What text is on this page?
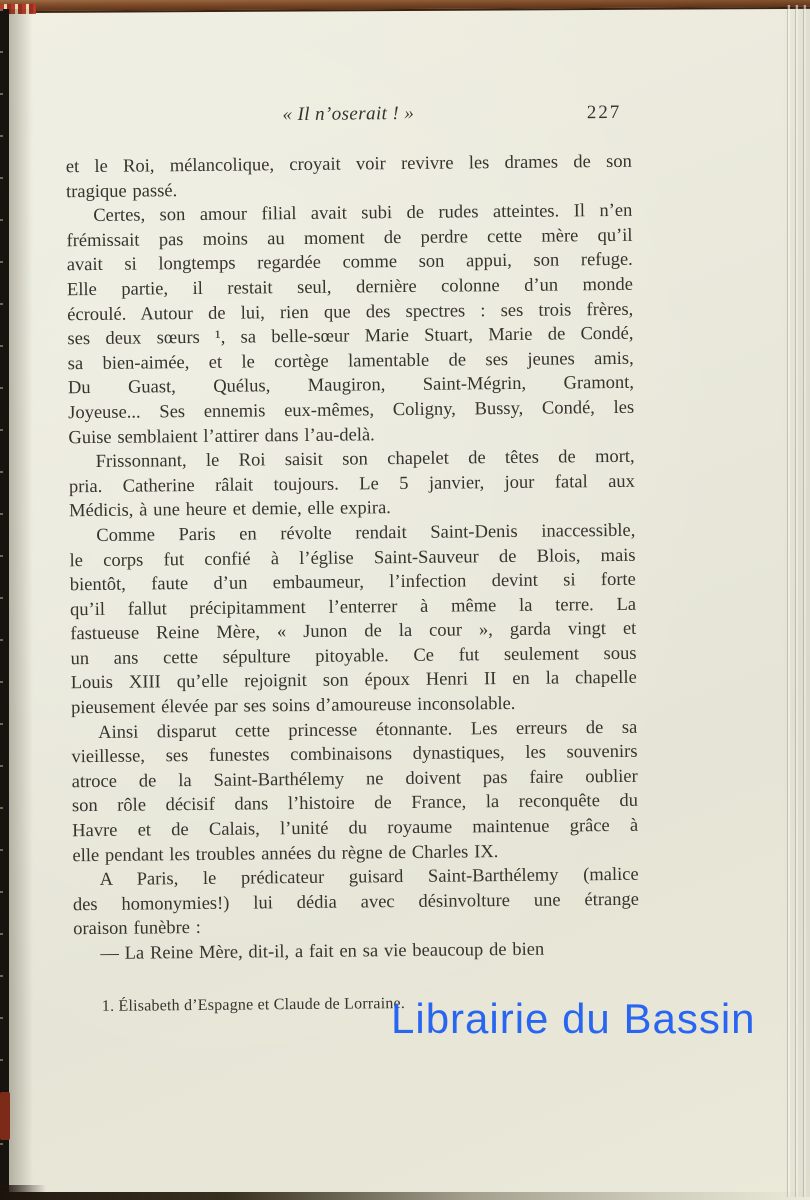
« Il n’oserait ! »	227
et le Roi, mélancolique, croyait voir revivre les drames de son
tragique passé.
Certes, son amour filial avait subi de rudes atteintes. Il n’en
frémissait pas moins au moment de perdre cette mère qu’il
avait si longtemps regardée comme son appui, son refuge.
Elle partie, il restait seul, dernière colonne d’un monde
écroulé. Autour de lui, rien que des spectres : ses trois frères,
ses deux sœurs ¹, sa belle-sœur Marie Stuart, Marie de Condé,
sa bien-aimée, et le cortège lamentable de ses jeunes amis,
Du Guast, Quélus, Maugiron, Saint-Mégrin, Gramont,
Joyeuse... Ses ennemis eux-mêmes, Coligny, Bussy, Condé, les
Guise semblaient l’attirer dans l’au-delà.
Frissonnant, le Roi saisit son chapelet de têtes de mort,
pria. Catherine râlait toujours. Le 5 janvier, jour fatal aux
Médicis, à une heure et demie, elle expira.
Comme Paris en révolte rendait Saint-Denis inaccessible,
le corps fut confié à l’église Saint-Sauveur de Blois, mais
bientôt, faute d’un embaumeur, l’infection devint si forte
qu’il fallut précipitamment l’enterrer à même la terre. La
fastueuse Reine Mère, « Junon de la cour », garda vingt et
un ans cette sépulture pitoyable. Ce fut seulement sous
Louis XIII qu’elle rejoignit son époux Henri II en la chapelle
pieusement élevée par ses soins d’amoureuse inconsolable.
Ainsi disparut cette princesse étonnante. Les erreurs de sa
vieillesse, ses funestes combinaisons dynastiques, les souvenirs
atroce de la Saint-Barthélemy ne doivent pas faire oublier
son rôle décisif dans l’histoire de France, la reconquête du
Havre et de Calais, l’unité du royaume maintenue grâce à
elle pendant les troubles années du règne de Charles IX.
A Paris, le prédicateur guisard Saint-Barthélemy (malice
des homonymies!) lui dédia avec désinvolture une étrange
oraison funèbre :
— La Reine Mère, dit-il, a fait en sa vie beaucoup de bien
1. Élisabeth d’Espagne et Claude de Lorraine.
Librairie du Bassin
